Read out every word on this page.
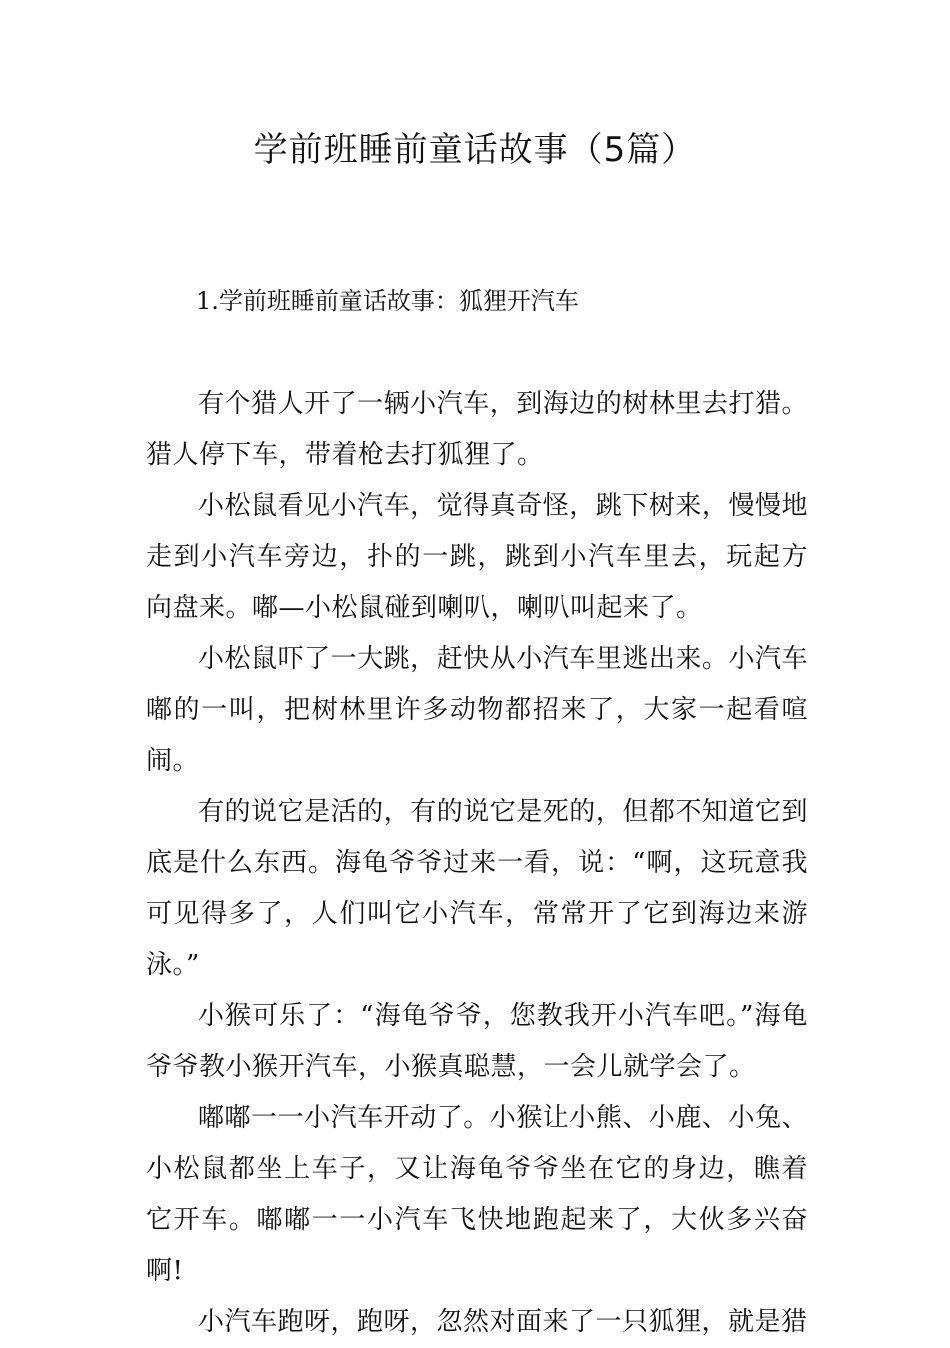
学前班睡前童话故事（5篇）
1.学前班睡前童话故事：狐狸开汽车

有个猎人开了一辆小汽车，到海边的树林里去打猎。猎人停下车，带着枪去打狐狸了。

小松鼠看见小汽车，觉得真奇怪，跳下树来，慢慢地走到小汽车旁边，扑的一跳，跳到小汽车里去，玩起方向盘来。嘟—小松鼠碰到喇叭，喇叭叫起来了。

小松鼠吓了一大跳，赶快从小汽车里逃出来。小汽车嘟的一叫，把树林里许多动物都招来了，大家一起看喧闹。

有的说它是活的，有的说它是死的，但都不知道它到底是什么东西。海龟爷爷过来一看，说：“啊，这玩意我可见得多了，人们叫它小汽车，常常开了它到海边来游泳。”

小猴可乐了：“海龟爷爷，您教我开小汽车吧。”海龟爷爷教小猴开汽车，小猴真聪慧，一会儿就学会了。

嘟嘟一一小汽车开动了。小猴让小熊、小鹿、小兔、小松鼠都坐上车子，又让海龟爷爷坐在它的身边，瞧着它开车。嘟嘟一一小汽车飞快地跑起来了，大伙多兴奋啊!

小汽车跑呀，跑呀，忽然对面来了一只狐狸，就是猎
